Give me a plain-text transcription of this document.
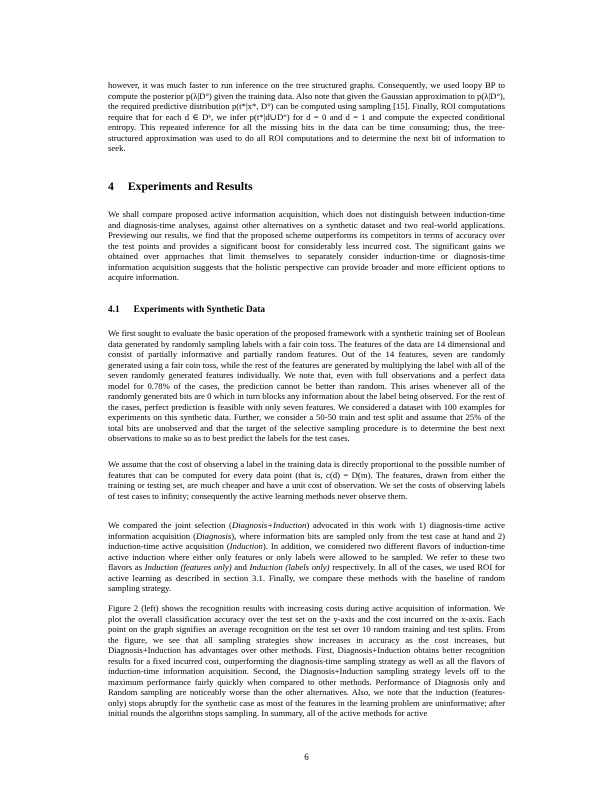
however, it was much faster to run inference on the tree structured graphs. Consequently, we used loopy BP to compute the posterior p(λ|D°) given the training data. Also note that given the Gaussian approximation to p(λ|D°), the required predictive distribution p(t*|x*, D°) can be computed using sampling [15]. Finally, ROI computations require that for each d ∈ Dᵏ, we infer p(t*|d∪D°) for d = 0 and d = 1 and compute the expected conditional entropy. This repeated inference for all the missing bits in the data can be time consuming; thus, the tree-structured approximation was used to do all ROI computations and to determine the next bit of information to seek.

4 Experiments and Results

We shall compare proposed active information acquisition, which does not distinguish between induction-time and diagnosis-time analyses, against other alternatives on a synthetic dataset and two real-world applications. Previewing our results, we find that the proposed scheme outperforms its competitors in terms of accuracy over the test points and provides a significant boost for considerably less incurred cost. The significant gains we obtained over approaches that limit themselves to separately consider induction-time or diagnosis-time information acquisition suggests that the holistic perspective can provide broader and more efficient options to acquire information.

4.1 Experiments with Synthetic Data

We first sought to evaluate the basic operation of the proposed framework with a synthetic training set of Boolean data generated by randomly sampling labels with a fair coin toss. The features of the data are 14 dimensional and consist of partially informative and partially random features. Out of the 14 features, seven are randomly generated using a fair coin toss, while the rest of the features are generated by multiplying the label with all of the seven randomly generated features individually. We note that, even with full observations and a perfect data model for 0.78% of the cases, the prediction cannot be better than random. This arises whenever all of the randomly generated bits are 0 which in turn blocks any information about the label being observed. For the rest of the cases, perfect prediction is feasible with only seven features. We considered a dataset with 100 examples for experiments on this synthetic data. Further, we consider a 50-50 train and test split and assume that 25% of the total bits are unobserved and that the target of the selective sampling procedure is to determine the best next observations to make so as to best predict the labels for the test cases.

We assume that the cost of observing a label in the training data is directly proportional to the possible number of features that can be computed for every data point (that is, c(d) = D(m). The features, drawn from either the training or testing set, are much cheaper and have a unit cost of observation. We set the costs of observing labels of test cases to infinity; consequently the active learning methods never observe them.

We compared the joint selection (Diagnosis+Induction) advocated in this work with 1) diagnosis-time active information acquisition (Diagnosis), where information bits are sampled only from the test case at hand and 2) induction-time active acquisition (Induction). In addition, we considered two different flavors of induction-time active induction where either only features or only labels were allowed to be sampled. We refer to these two flavors as Induction (features only) and Induction (labels only) respectively. In all of the cases, we used ROI for active learning as described in section 3.1. Finally, we compare these methods with the baseline of random sampling strategy.

Figure 2 (left) shows the recognition results with increasing costs during active acquisition of information. We plot the overall classification accuracy over the test set on the y-axis and the cost incurred on the x-axis. Each point on the graph signifies an average recognition on the test set over 10 random training and test splits. From the figure, we see that all sampling strategies show increases in accuracy as the cost increases, but Diagnosis+Induction has advantages over other methods. First, Diagnosis+Induction obtains better recognition results for a fixed incurred cost, outperforming the diagnosis-time sampling strategy as well as all the flavors of induction-time information acquisition. Second, the Diagnosis+Induction sampling strategy levels off to the maximum performance fairly quickly when compared to other methods. Performance of Diagnosis only and Random sampling are noticeably worse than the other alternatives. Also, we note that the induction (features-only) stops abruptly for the synthetic case as most of the features in the learning problem are uninformative; after initial rounds the algorithm stops sampling. In summary, all of the active methods for active

6
